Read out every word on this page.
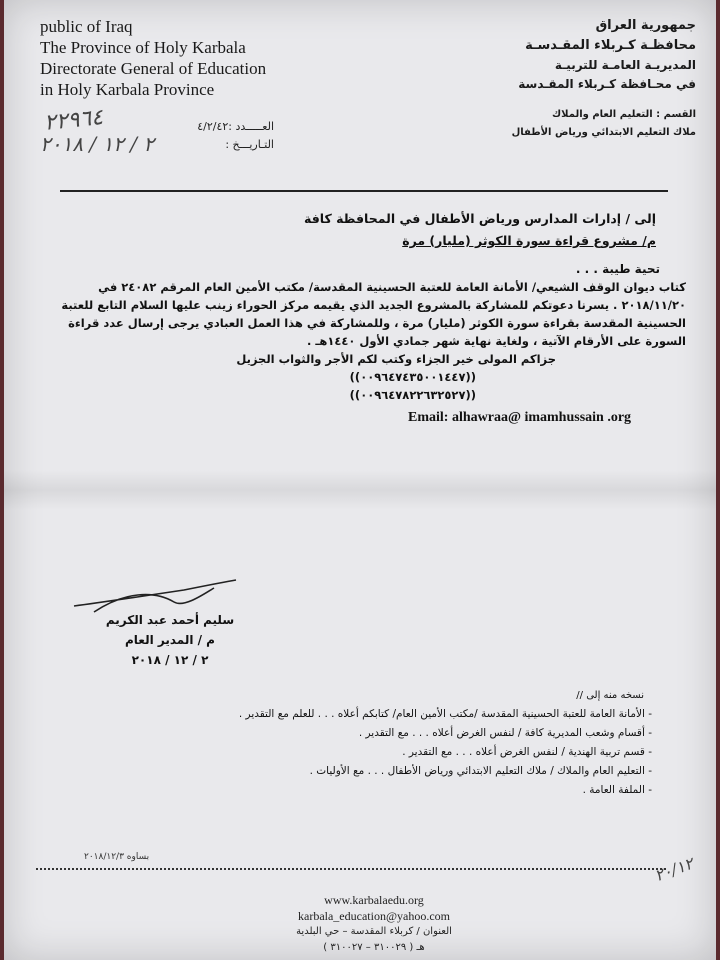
public of Iraq
The Province of Holy Karbala
Directorate General of Education
in Holy Karbala Province
جمهورية العراق
محافظـة كـربلاء المقـدسـة
المديريـة العامـة للتربيـة
في محـافظة كـربلاء المقـدسة
القسم : التعليم العام والملاك
ملاك التعليم الابتدائي ورياض الأطفال
العـــــدد :٤/٢/٤٢
التـاريـــخ :
٢٢٩٦٤
٢ / ١٢ / ٢٠١٨
إلى / إدارات المدارس ورياض الأطفال في المحافظة كافة
م/ مشروع قراءة سورة الكوثر (مليار) مرة
تحية طيبة . . .

كتاب ديوان الوقف الشيعي/ الأمانة العامة للعتبة الحسينية المقدسة/ مكتب الأمين العام المرقم ٢٤٠٨٢ في ٢٠١٨/١١/٢٠ . يسرنا دعوتكم للمشاركة بالمشروع الجديد الذي يقيمه مركز الحوراء زينب عليها السلام التابع للعتبة الحسينية المقدسة بقراءة سورة الكوثر (مليار) مرة ، وللمشاركة في هذا العمل العبادي يرجى إرسال عدد قراءة السورة على الأرقام الآتية ، ولغاية نهاية شهر جمادي الأول ١٤٤٠هـ .

جزاكم المولى خير الجزاء وكتب لكم الأجر والثواب الجزيل

((٠٠٩٦٤٧٤٣٥٠٠١٤٤٧))

((٠٠٩٦٤٧٨٢٢٦٣٢٥٢٧))

Email: alhawraa@ imamhussain .org
سليم أحمد عبد الكريم
م / المدير العام
٢ / ١٢ / ٢٠١٨
نسخه منه إلى //
- الأمانة العامة للعتبة الحسينية المقدسة /مكتب الأمين العام/ كتابكم أعلاه . . . للعلم مع التقدير .
- أقسام وشعب المديرية كافة / لنفس الغرض أعلاه . . . مع التقدير .
- قسم تربية الهندية / لنفس الغرض أعلاه . . . مع التقدير .
- التعليم العام والملاك / ملاك التعليم الابتدائي ورياض الأطفال . . . مع الأوليات .
- الملفة العامة .
بساوه ٢٠١٨/١٢/٣	٢٠/١٢
www.karbalaedu.org
karbala_education@yahoo.com
العنوان / كربلاء المقدسة – حي البلدية
هـ ( ٣١٠٠٢٩ – ٣١٠٠٢٧ )
